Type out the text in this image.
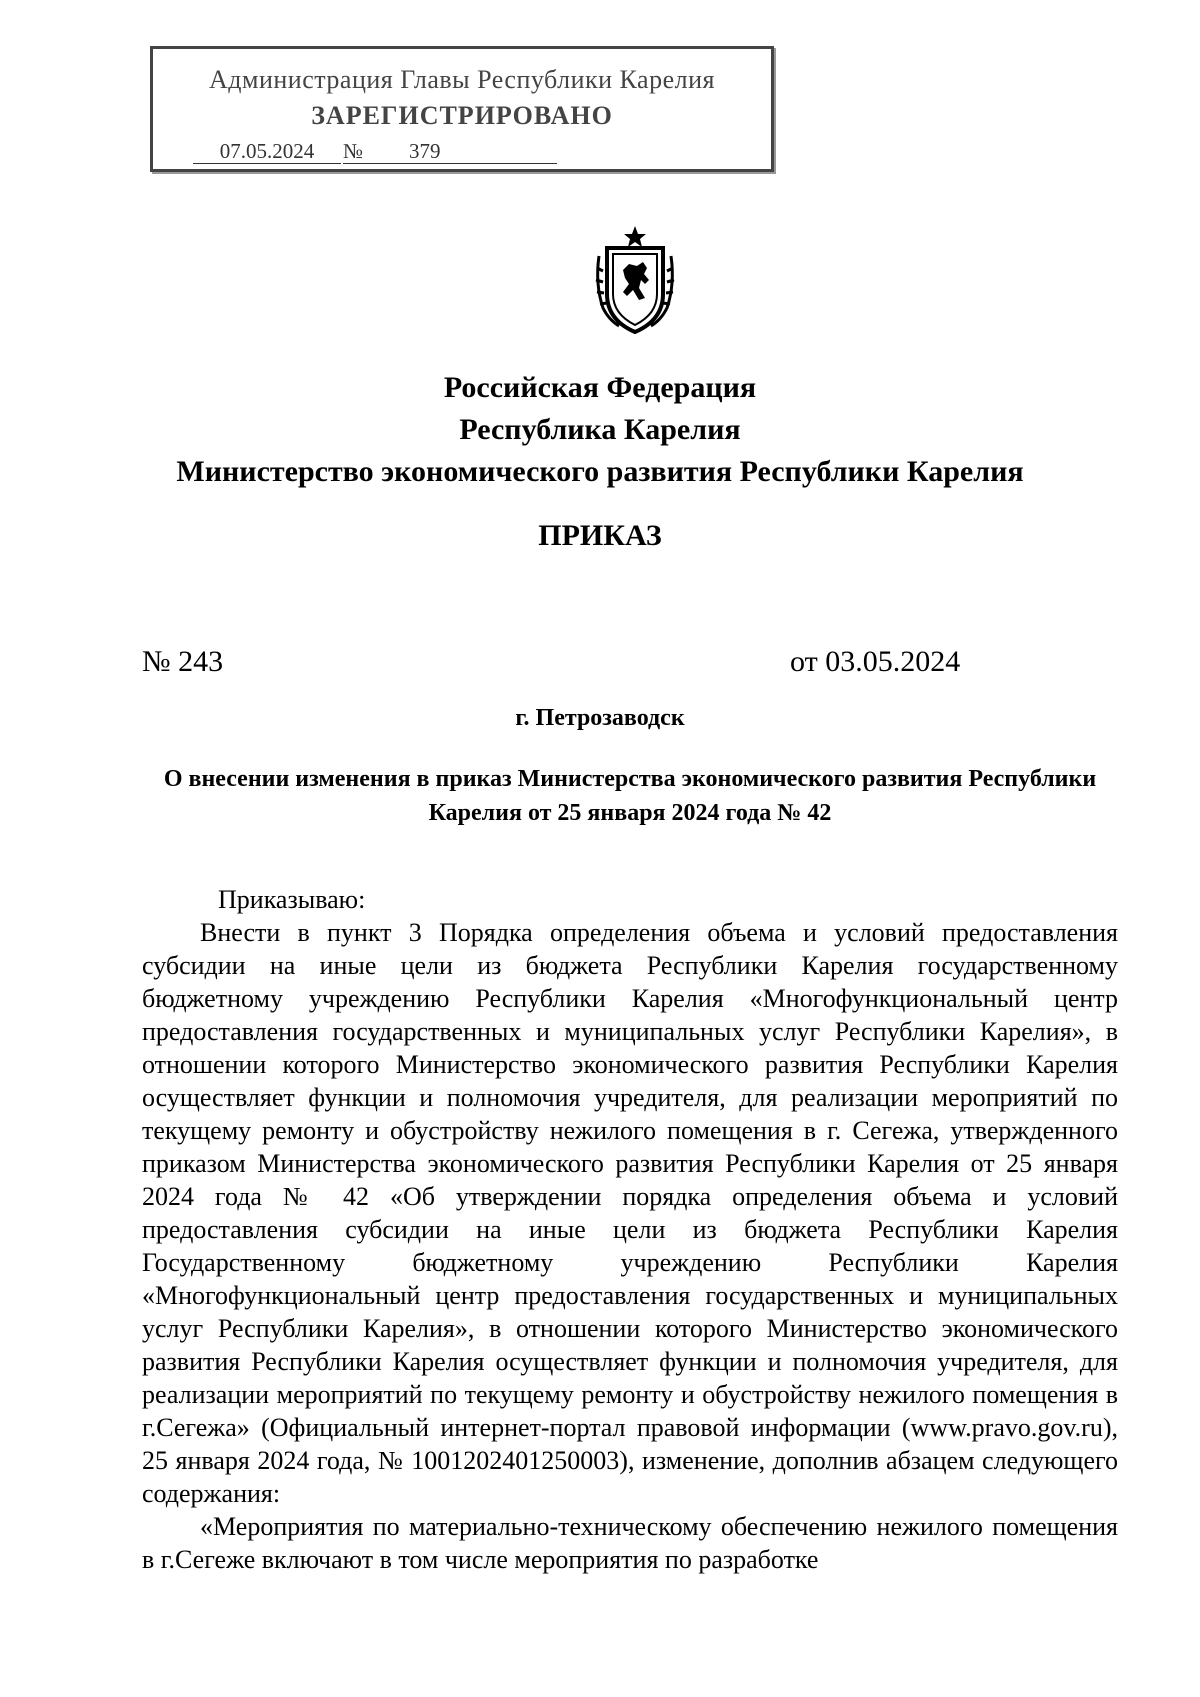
Администрация Главы Республики Карелия
ЗАРЕГИСТРИРОВАНО
07.05.2024	№	379
Российская Федерация
Республика Карелия
Министерство экономического развития Республики Карелия
ПРИКАЗ
№ 243	от 03.05.2024
г. Петрозаводск
О внесении изменения в приказ Министерства экономического развития Республики Карелия от 25 января 2024 года № 42

Приказываю:

Внести в пункт 3 Порядка определения объема и условий предоставления субсидии на иные цели из бюджета Республики Карелия государственному бюджетному учреждению Республики Карелия «Многофункциональный центр предоставления государственных и муниципальных услуг Республики Карелия», в отношении которого Министерство экономического развития Республики Карелия осуществляет функции и полномочия учредителя, для реализации мероприятий по текущему ремонту и обустройству нежилого помещения в г. Сегежа, утвержденного приказом Министерства экономического развития Республики Карелия от 25 января 2024 года № 42 «Об утверждении порядка определения объема и условий предоставления субсидии на иные цели из бюджета Республики Карелия Государственному бюджетному учреждению Республики Карелия «Многофункциональный центр предоставления государственных и муниципальных услуг Республики Карелия», в отношении которого Министерство экономического развития Республики Карелия осуществляет функции и полномочия учредителя, для реализации мероприятий по текущему ремонту и обустройству нежилого помещения в г.Сегежа» (Официальный интернет-портал правовой информации (www.pravo.gov.ru), 25 января 2024 года, № 1001202401250003), изменение, дополнив абзацем следующего содержания:

«Мероприятия по материально-техническому обеспечению нежилого помещения в г.Сегеже включают в том числе мероприятия по разработке
